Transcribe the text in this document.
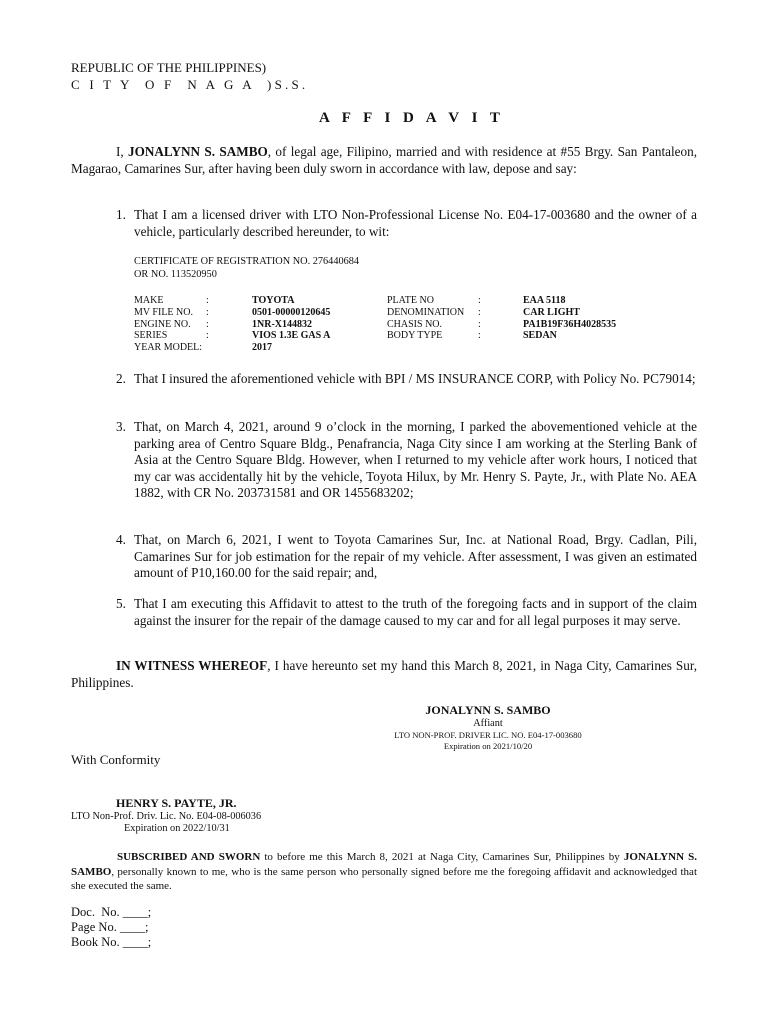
REPUBLIC OF THE PHILIPPINES)
C I T Y  O F  N A G A  )S.S.
A F F I D A V I T
I, JONALYNN S. SAMBO, of legal age, Filipino, married and with residence at #55 Brgy. San Pantaleon, Magarao, Camarines Sur, after having been duly sworn in accordance with law, depose and say:
1. That I am a licensed driver with LTO Non-Professional License No. E04-17-003680 and the owner of a vehicle, particularly described hereunder, to wit:
CERTIFICATE OF REGISTRATION NO. 276440684
OR NO. 113520950
MAKE	:	TOYOTA	PLATE NO	:	EAA 5118
MV FILE NO. :	0501-00000120645	DENOMINATION :	CAR LIGHT
ENGINE NO. :	1NR-X144832	CHASIS NO.	:	PA1B19F36H4028535
SERIES	:	VIOS 1.3E GAS A	BODY TYPE	:	SEDAN
YEAR MODEL:	2017
2. That I insured the aforementioned vehicle with BPI / MS INSURANCE CORP, with Policy No. PC79014;
3. That, on March 4, 2021, around 9 o’clock in the morning, I parked the abovementioned vehicle at the parking area of Centro Square Bldg., Penafrancia, Naga City since I am working at the Sterling Bank of Asia at the Centro Square Bldg. However, when I returned to my vehicle after work hours, I noticed that my car was accidentally hit by the vehicle, Toyota Hilux, by Mr. Henry S. Payte, Jr., with Plate No. AEA 1882, with CR No. 203731581 and OR 1455683202;
4. That, on March 6, 2021, I went to Toyota Camarines Sur, Inc. at National Road, Brgy. Cadlan, Pili, Camarines Sur for job estimation for the repair of my vehicle. After assessment, I was given an estimated amount of P10,160.00 for the said repair; and,
5. That I am executing this Affidavit to attest to the truth of the foregoing facts and in support of the claim against the insurer for the repair of the damage caused to my car and for all legal purposes it may serve.
IN WITNESS WHEREOF, I have hereunto set my hand this March 8, 2021, in Naga City, Camarines Sur, Philippines.
JONALYNN S. SAMBO
Affiant
LTO NON-PROF. DRIVER LIC. NO. E04-17-003680
Expiration on 2021/10/20
With Conformity
HENRY S. PAYTE, JR.
LTO Non-Prof. Driv. Lic. No. E04-08-006036
Expiration on 2022/10/31
SUBSCRIBED AND SWORN to before me this March 8, 2021 at Naga City, Camarines Sur, Philippines by JONALYNN S. SAMBO, personally known to me, who is the same person who personally signed before me the foregoing affidavit and acknowledged that she executed the same.
Doc.  No. ____;
Page No. ____;
Book No. ____;
